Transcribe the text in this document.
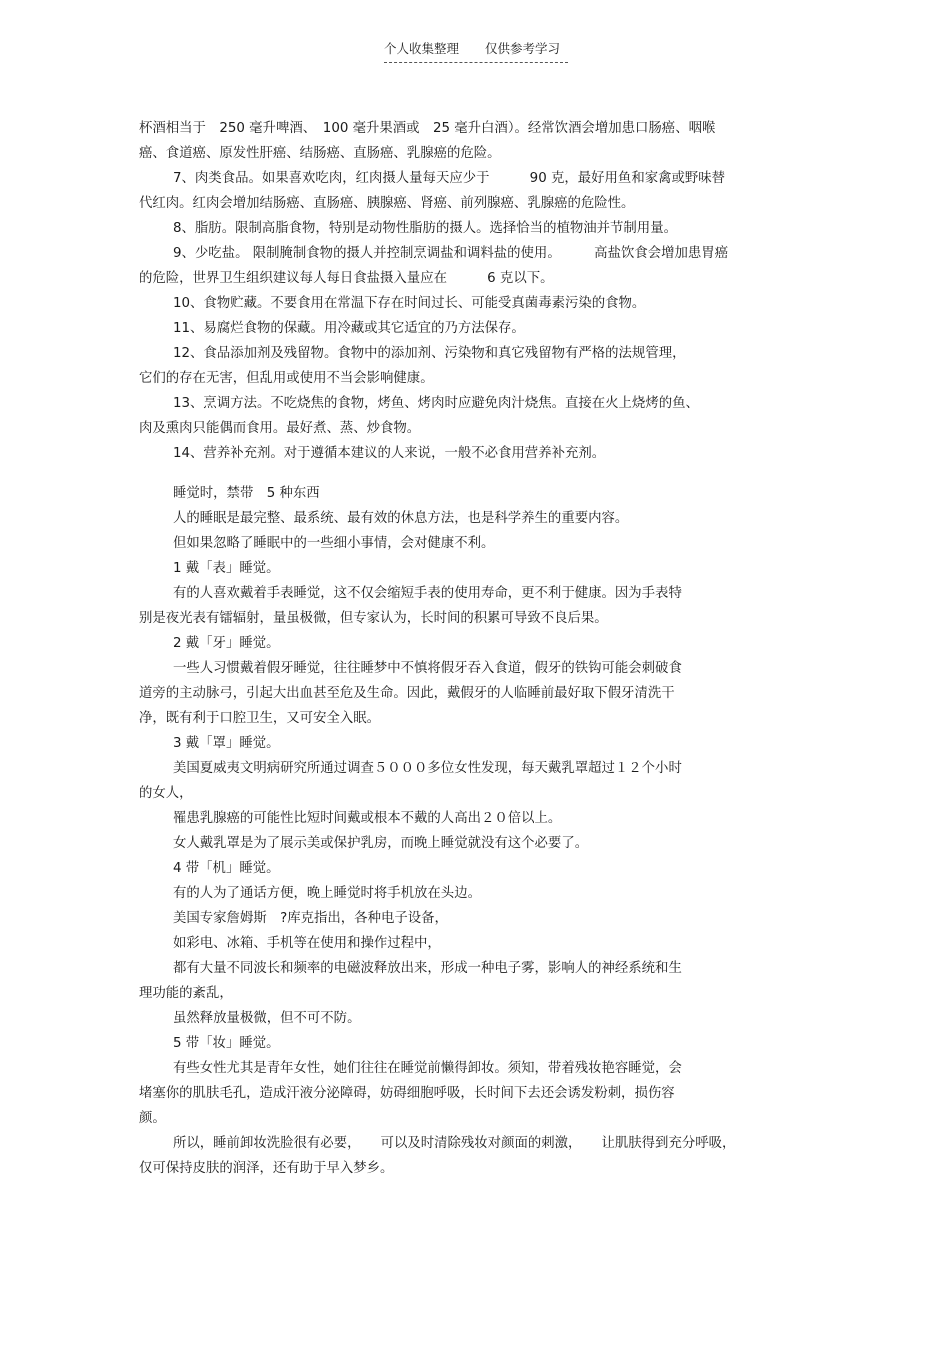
个人收集整理 仅供参考学习
杯酒相当于　250 毫升啤酒、　100 毫升果酒或　25 毫升白酒）。经常饮酒会增加患口肠癌、咽喉
癌、食道癌、原发性肝癌、结肠癌、直肠癌、乳腺癌的危险。
7、肉类食品。如果喜欢吃肉，红肉摄人量每天应少于　　　90 克，最好用鱼和家禽或野味替
代红肉。红肉会增加结肠癌、直肠癌、胰腺癌、肾癌、前列腺癌、乳腺癌的危险性。
8、脂肪。限制高脂食物，特别是动物性脂肪的摄人。选择恰当的植物油并节制用量。
9、少吃盐。 限制腌制食物的摄人并控制烹调盐和调料盐的使用。　　　高盐饮食会增加患胃癌
的危险，世界卫生组织建议每人每日食盐摄入量应在　　　6 克以下。
10、食物贮藏。不要食用在常温下存在时间过长、可能受真菌毒素污染的食物。
11、易腐烂食物的保藏。用冷藏或其它适宜的乃方法保存。
12、食品添加剂及残留物。食物中的添加剂、污染物和真它残留物有严格的法规管理，
它们的存在无害，但乱用或使用不当会影响健康。
13、烹调方法。不吃烧焦的食物，烤鱼、烤肉时应避免肉汁烧焦。直接在火上烧烤的鱼、
肉及熏肉只能偶而食用。最好煮、蒸、炒食物。
14、营养补充剂。对于遵循本建议的人来说，一般不必食用营养补充剂。
睡觉时，禁带　5 种东西
人的睡眠是最完整、最系统、最有效的休息方法，也是科学养生的重要内容。
但如果忽略了睡眠中的一些细小事情，会对健康不利。
1 戴「表」睡觉。
有的人喜欢戴着手表睡觉，这不仅会缩短手表的使用寿命，更不利于健康。因为手表特
别是夜光表有镭辐射，量虽极微，但专家认为，长时间的积累可导致不良后果。
2 戴「牙」睡觉。
一些人习惯戴着假牙睡觉，往往睡梦中不慎将假牙吞入食道，假牙的铁钩可能会刺破食
道旁的主动脉弓，引起大出血甚至危及生命。因此，戴假牙的人临睡前最好取下假牙清洗干
净，既有利于口腔卫生，又可安全入眠。
3 戴「罩」睡觉。
美国夏威夷文明病研究所通过调查５０００多位女性发现，每天戴乳罩超过１２个小时
的女人，
罹患乳腺癌的可能性比短时间戴或根本不戴的人高出２０倍以上。
女人戴乳罩是为了展示美或保护乳房，而晚上睡觉就没有这个必要了。
4 带「机」睡觉。
有的人为了通话方便，晚上睡觉时将手机放在头边。
美国专家詹姆斯　?库克指出，各种电子设备，
如彩电、冰箱、手机等在使用和操作过程中，
都有大量不同波长和频率的电磁波释放出来，形成一种电子雾，影响人的神经系统和生
理功能的紊乱，
虽然释放量极微，但不可不防。
5 带「妆」睡觉。
有些女性尤其是青年女性，她们往往在睡觉前懒得卸妆。须知，带着残妆艳容睡觉，会
堵塞你的肌肤毛孔，造成汗液分泌障碍，妨碍细胞呼吸，长时间下去还会诱发粉刺，损伤容
颜。
所以，睡前卸妆洗脸很有必要，　　可以及时清除残妆对颜面的刺激，　　让肌肤得到充分呼吸，
仅可保持皮肤的润泽，还有助于早入梦乡。
